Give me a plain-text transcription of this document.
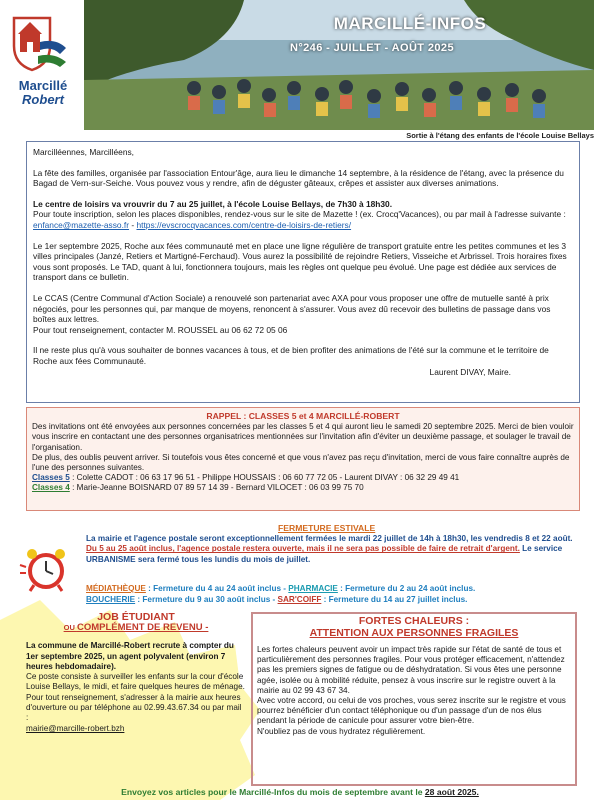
Marcillé
Robert
MARCILLÉ-INFOS
N°246 - JUILLET - AOÛT 2025
Sortie à l'étang des enfants de l'école Louise Bellays

Marcilléennes, Marcilléens,

La fête des familles, organisée par l'association Entour'âge, aura lieu le dimanche 14 septembre, à la résidence de l'étang, avec la présence du Bagad de Vern-sur-Seiche. Vous pouvez vous y rendre, afin de déguster gâteaux, crêpes et assister aux diverses animations.

Le centre de loisirs va vrouvrir du 7 au 25 juillet, à l'école Louise Bellays, de 7h30 à 18h30.
Pour toute inscription, selon les places disponibles, rendez-vous sur le site de Mazette ! (ex. Crocq'Vacances), ou par mail à l'adresse suivante : enfance@mazette-asso.fr - https://evscrocqvacances.com/centre-de-loisirs-de-retiers/

Le 1er septembre 2025, Roche aux fées communauté met en place une ligne régulière de transport gratuite entre les petites communes et les 3 villes principales (Janzé, Retiers et Martigné-Ferchaud). Vous aurez la possibilité de rejoindre Retiers, Visseiche et Arbrissel. Trois horaires fixes vous sont proposés. Le TAD, quant à lui, fonctionnera toujours, mais les règles ont quelque peu évolué. Une page est dédiée aux services de transport dans ce bulletin.

Le CCAS (Centre Communal d'Action Sociale) a renouvelé son partenariat avec AXA pour vous proposer une offre de mutuelle santé à prix négociés, pour les personnes qui, par manque de moyens, renoncent à s'assurer. Vous avez dû recevoir des bulletins de passage dans vos boîtes aux lettres.

Pour tout renseignement, contacter M. ROUSSEL au 06 62 72 05 06

Il ne reste plus qu'à vous souhaiter de bonnes vacances à tous, et de bien profiter des animations de l'été sur la commune et le territoire de Roche aux fées Communauté.

Laurent DIVAY, Maire.

RAPPEL : CLASSES 5 et 4 MARCILLÉ-ROBERT
Des invitations ont été envoyées aux personnes concernées par les classes 5 et 4 qui auront lieu le samedi 20 septembre 2025. Merci de bien vouloir vous inscrire en contactant une des personnes organisatrices mentionnées sur l'invitation afin d'éviter un deuxième passage, et soulager le travail de l'organisation.
De plus, des oublis peuvent arriver. Si toutefois vous êtes concerné et que vous n'avez pas reçu d'invitation, merci de vous faire connaître auprès de l'une des personnes suivantes.
Classes 5 : Colette CADOT : 06 63 17 96 51 - Philippe HOUSSAIS : 06 60 77 72 05 - Laurent DIVAY : 06 32 29 49 41
Classes 4 : Marie-Jeanne BOISNARD 07 89 57 14 39 - Bernard VILOCET : 06 03 99 75 70
FERMETURE ESTIVALE
La mairie et l'agence postale seront exceptionnellement fermées le mardi 22 juillet de 14h à 18h30, les vendredis 8 et 22 août.
Du 5 au 25 août inclus, l'agence postale restera ouverte, mais il ne sera pas possible de faire de retrait d'argent. Le service URBANISME sera fermé tous les lundis du mois de juillet.
MÉDIATHÈQUE : Fermeture du 4 au 24 août inclus - PHARMACIE : Fermeture du 2 au 24 août inclus.
BOUCHERIE : Fermeture du 9 au 30 août inclus - SAR'COIFF : Fermeture du 14 au 27 juillet inclus.
JOB ÉTUDIANT
OU COMPLÉMENT DE REVENU -

La commune de Marcillé-Robert recrute à compter du 1er septembre 2025, un agent polyvalent (environ 7 heures hebdomadaire).

Ce poste consiste à surveiller les enfants sur la cour d'école Louise Bellays, le midi, et faire quelques heures de ménage.

Pour tout renseignement, s'adresser à la mairie aux heures d'ouverture ou par téléphone au 02.99.43.67.34 ou par mail :

mairie@marcille-robert.bzh

FORTES CHALEURS :
ATTENTION AUX PERSONNES FRAGILES
Les fortes chaleurs peuvent avoir un impact très rapide sur l'état de santé de tous et particulièrement des personnes fragiles. Pour vous protéger efficacement, n'attendez pas les premiers signes de fatigue ou de déshydratation. Si vous êtes une personne agée, isolée ou à mobilité réduite, pensez à vous inscrire sur le registre ouvert à la mairie au 02 99 43 67 34.
Avec votre accord, ou celui de vos proches, vous serez inscrite sur le registre et vous pourrez bénéficier d'un contact téléphonique ou d'un passage d'un de nos élus pendant la période de canicule pour assurer votre bien-être.
N'oubliez pas de vous hydratez régulièrement.
Envoyez vos articles pour le Marcillé-Infos du mois de septembre avant le 28 août 2025.
